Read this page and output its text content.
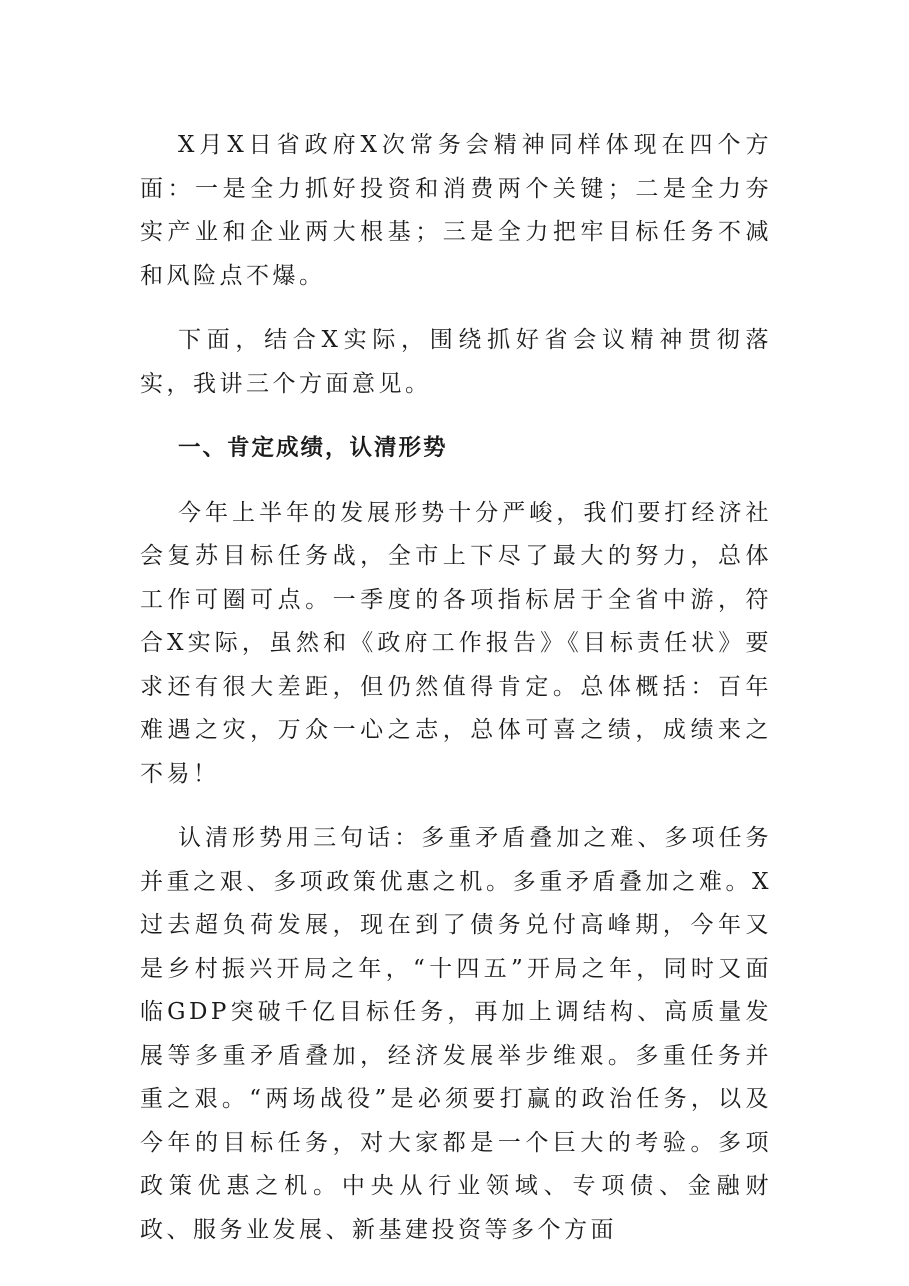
X月X日省政府X次常务会精神同样体现在四个方面：一是全力抓好投资和消费两个关键；二是全力夯实产业和企业两大根基；三是全力把牢目标任务不减和风险点不爆。

下面，结合X实际，围绕抓好省会议精神贯彻落实，我讲三个方面意见。

一、肯定成绩，认清形势

今年上半年的发展形势十分严峻，我们要打经济社会复苏目标任务战，全市上下尽了最大的努力，总体工作可圈可点。一季度的各项指标居于全省中游，符合X实际，虽然和《政府工作报告》《目标责任状》要求还有很大差距，但仍然值得肯定。总体概括：百年难遇之灾，万众一心之志，总体可喜之绩，成绩来之不易！

认清形势用三句话：多重矛盾叠加之难、多项任务并重之艰、多项政策优惠之机。多重矛盾叠加之难。X过去超负荷发展，现在到了债务兑付高峰期，今年又是乡村振兴开局之年，“十四五”开局之年，同时又面临GDP突破千亿目标任务，再加上调结构、高质量发展等多重矛盾叠加，经济发展举步维艰。多重任务并重之艰。“两场战役”是必须要打赢的政治任务，以及今年的目标任务，对大家都是一个巨大的考验。多项政策优惠之机。中央从行业领域、专项债、金融财政、服务业发展、新基建投资等多个方面
